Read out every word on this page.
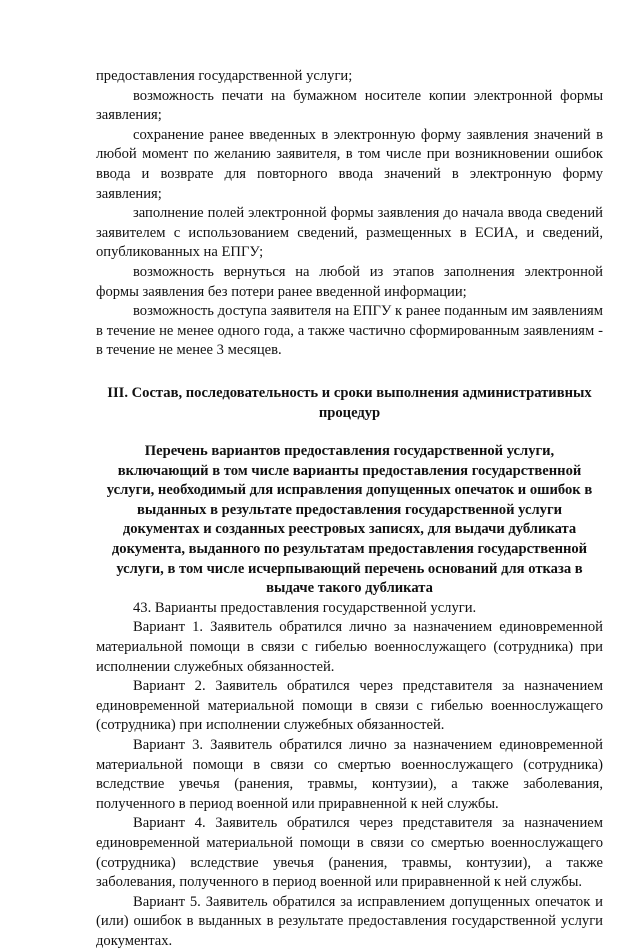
предоставления государственной услуги;

возможность печати на бумажном носителе копии электронной формы заявления;

сохранение ранее введенных в электронную форму заявления значений в любой момент по желанию заявителя, в том числе при возникновении ошибок ввода и возврате для повторного ввода значений в электронную форму заявления;

заполнение полей электронной формы заявления до начала ввода сведений заявителем с использованием сведений, размещенных в ЕСИА, и сведений, опубликованных на ЕПГУ;

возможность вернуться на любой из этапов заполнения электронной формы заявления без потери ранее введенной информации;

возможность доступа заявителя на ЕПГУ к ранее поданным им заявлениям в течение не менее одного года, а также частично сформированным заявлениям - в течение не менее 3 месяцев.

III. Состав, последовательность и сроки выполнения административных процедур
Перечень вариантов предоставления государственной услуги, включающий в том числе варианты предоставления государственной услуги, необходимый для исправления допущенных опечаток и ошибок в выданных в результате предоставления государственной услуги документах и созданных реестровых записях, для выдачи дубликата документа, выданного по результатам предоставления государственной услуги, в том числе исчерпывающий перечень оснований для отказа в выдаче такого дубликата

43. Варианты предоставления государственной услуги.

Вариант 1. Заявитель обратился лично за назначением единовременной материальной помощи в связи с гибелью военнослужащего (сотрудника) при исполнении служебных обязанностей.

Вариант 2. Заявитель обратился через представителя за назначением единовременной материальной помощи в связи с гибелью военнослужащего (сотрудника) при исполнении служебных обязанностей.

Вариант 3. Заявитель обратился лично за назначением единовременной материальной помощи в связи со смертью военнослужащего (сотрудника) вследствие увечья (ранения, травмы, контузии), а также заболевания, полученного в период военной или приравненной к ней службы.

Вариант 4. Заявитель обратился через представителя за назначением единовременной материальной помощи в связи со смертью военнослужащего (сотрудника) вследствие увечья (ранения, травмы, контузии), а также заболевания, полученного в период военной или приравненной к ней службы.

Вариант 5. Заявитель обратился за исправлением допущенных опечаток и (или) ошибок в выданных в результате предоставления государственной услуги документах.
